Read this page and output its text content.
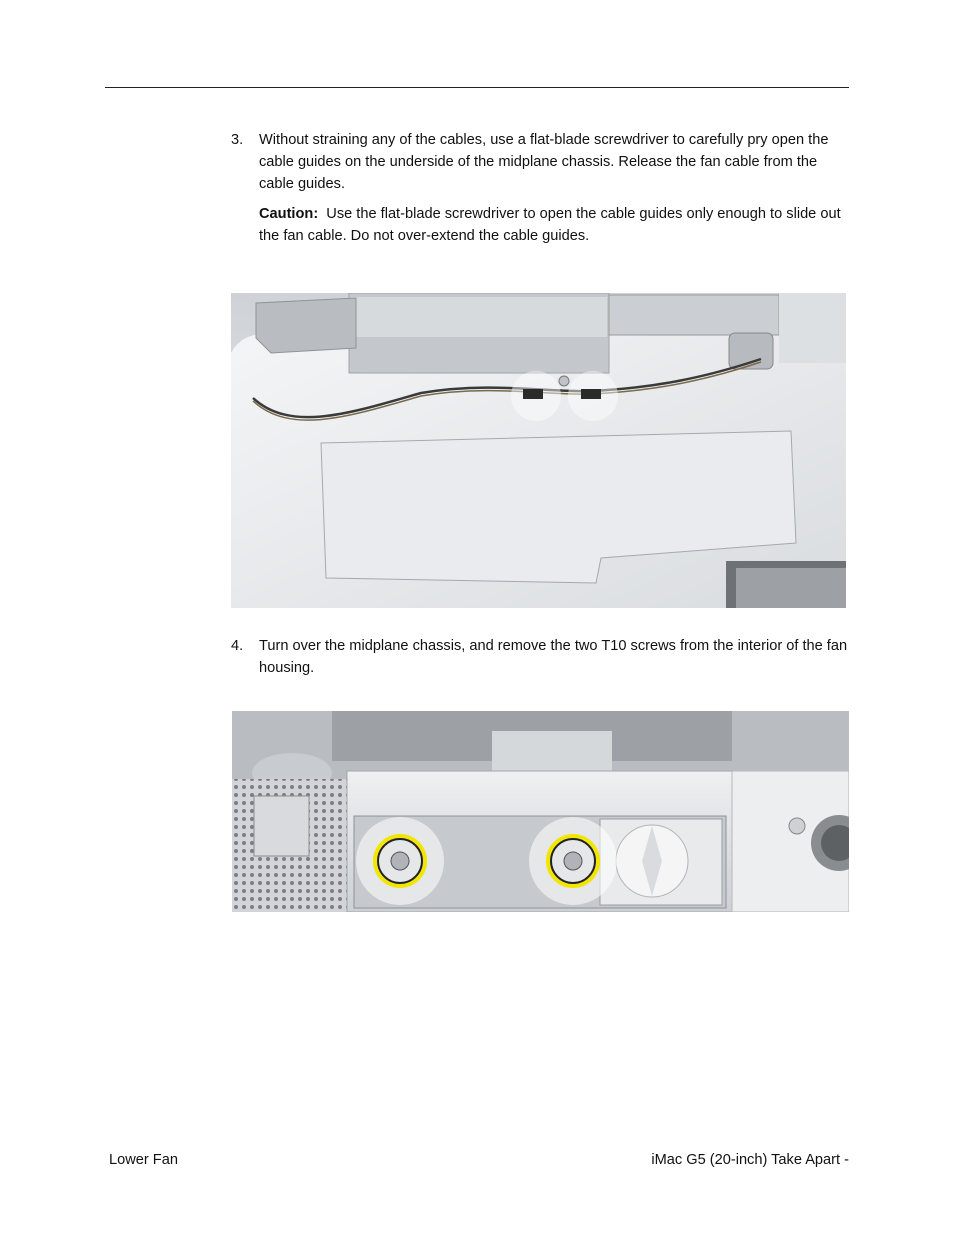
3. Without straining any of the cables, use a flat-blade screwdriver to carefully pry open the cable guides on the underside of the midplane chassis. Release the fan cable from the cable guides.
Caution: Use the flat-blade screwdriver to open the cable guides only enough to slide out the fan cable. Do not over-extend the cable guides.
4. Turn over the midplane chassis, and remove the two T10 screws from the interior of the fan housing.
Lower Fan	iMac G5 (20-inch) Take Apart -
